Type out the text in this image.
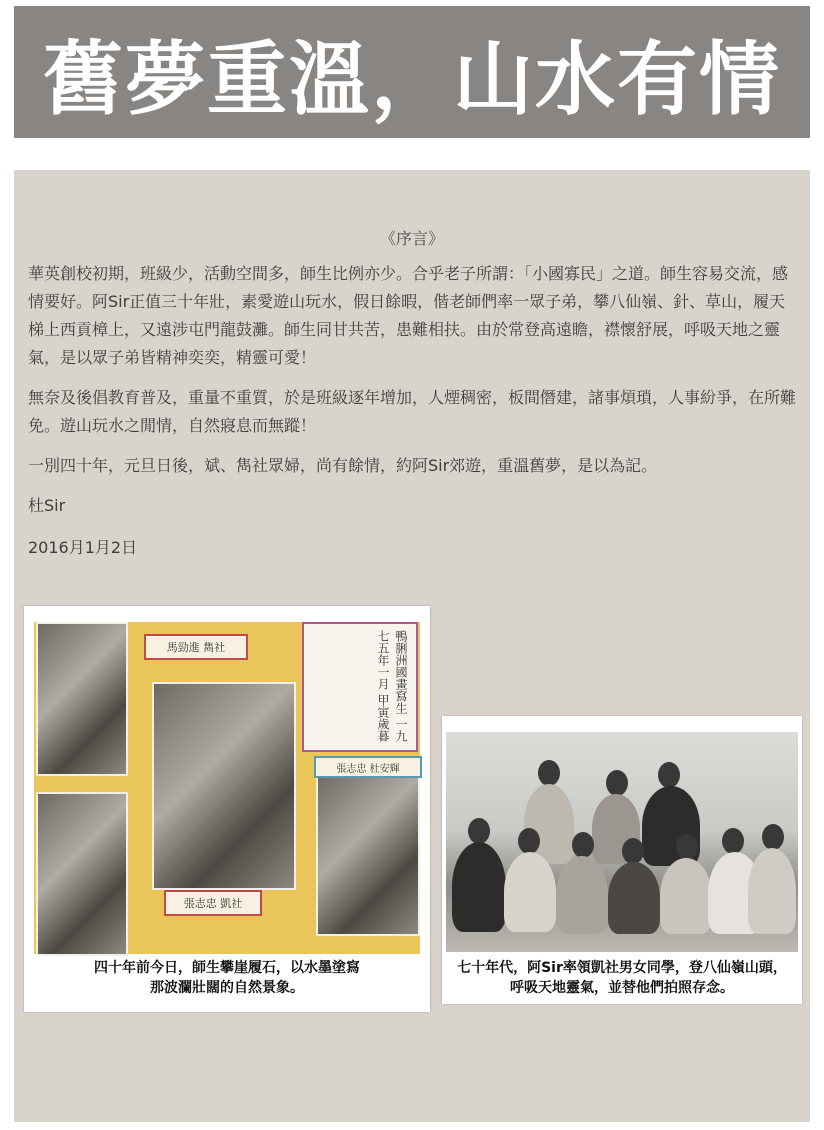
舊夢重溫，山水有情
《序言》

華英創校初期，班級少，活動空間多，師生比例亦少。合乎老子所謂：「小國寡民」之道。師生容易交流，感情要好。阿Sir正值三十年壯，素愛遊山玩水，假日餘暇，偕老師們率一眾子弟，攀八仙嶺、針、草山，履天梯上西貢樟上，又遠涉屯門龍鼓灘。師生同甘共苦，患難相扶。由於常登高遠瞻，襟懷舒展，呼吸天地之靈氣，是以眾子弟皆精神奕奕，精靈可愛！

無奈及後倡教育普及，重量不重質，於是班級逐年增加，人煙稠密，板間僭建，諸事煩瑣，人事紛爭，在所難免。遊山玩水之閒情，自然寢息而無蹤！

一別四十年，元旦日後，斌、雋社眾婦，尚有餘情，約阿Sir郊遊，重溫舊夢，是以為記。

杜Sir
2016月1月2日
馬勁進 雋社
張志忠 凱社
張志忠 杜安輝
鴨脷洲國畫寫生 一九七五年一月 甲寅歲暮
四十年前今日，師生攀崖履石，以水墨塗寫
那波瀾壯闊的自然景象。
七十年代，阿Sir率領凱社男女同學，登八仙嶺山頭，
呼吸天地靈氣，並替他們拍照存念。
